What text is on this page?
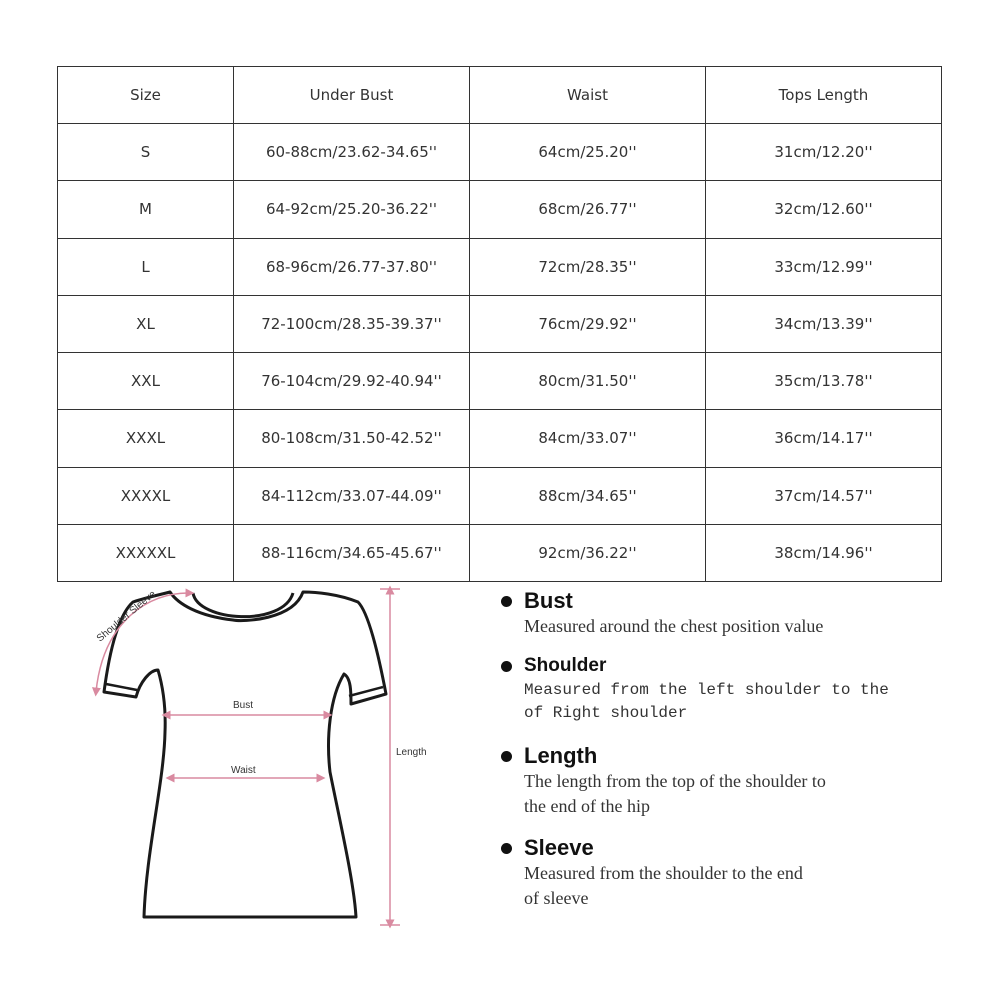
Size	Under Bust	Waist	Tops Length
S	60-88cm/23.62-34.65''	64cm/25.20''	31cm/12.20''
M	64-92cm/25.20-36.22''	68cm/26.77''	32cm/12.60''
L	68-96cm/26.77-37.80''	72cm/28.35''	33cm/12.99''
XL	72-100cm/28.35-39.37''	76cm/29.92''	34cm/13.39''
XXL	76-104cm/29.92-40.94''	80cm/31.50''	35cm/13.78''
XXXL	80-108cm/31.50-42.52''	84cm/33.07''	36cm/14.17''
XXXXL	84-112cm/33.07-44.09''	88cm/34.65''	37cm/14.57''
XXXXXL	88-116cm/34.65-45.67''	92cm/36.22''	38cm/14.96''
Shoulder Sleeve
Bust
Waist
Length
Bust
Measured around the chest position value
Shoulder
Measured from the left shoulder to the
of Right shoulder
Length
The length from the top of the shoulder to
the end of the hip
Sleeve
Measured from the shoulder to the end
of sleeve
